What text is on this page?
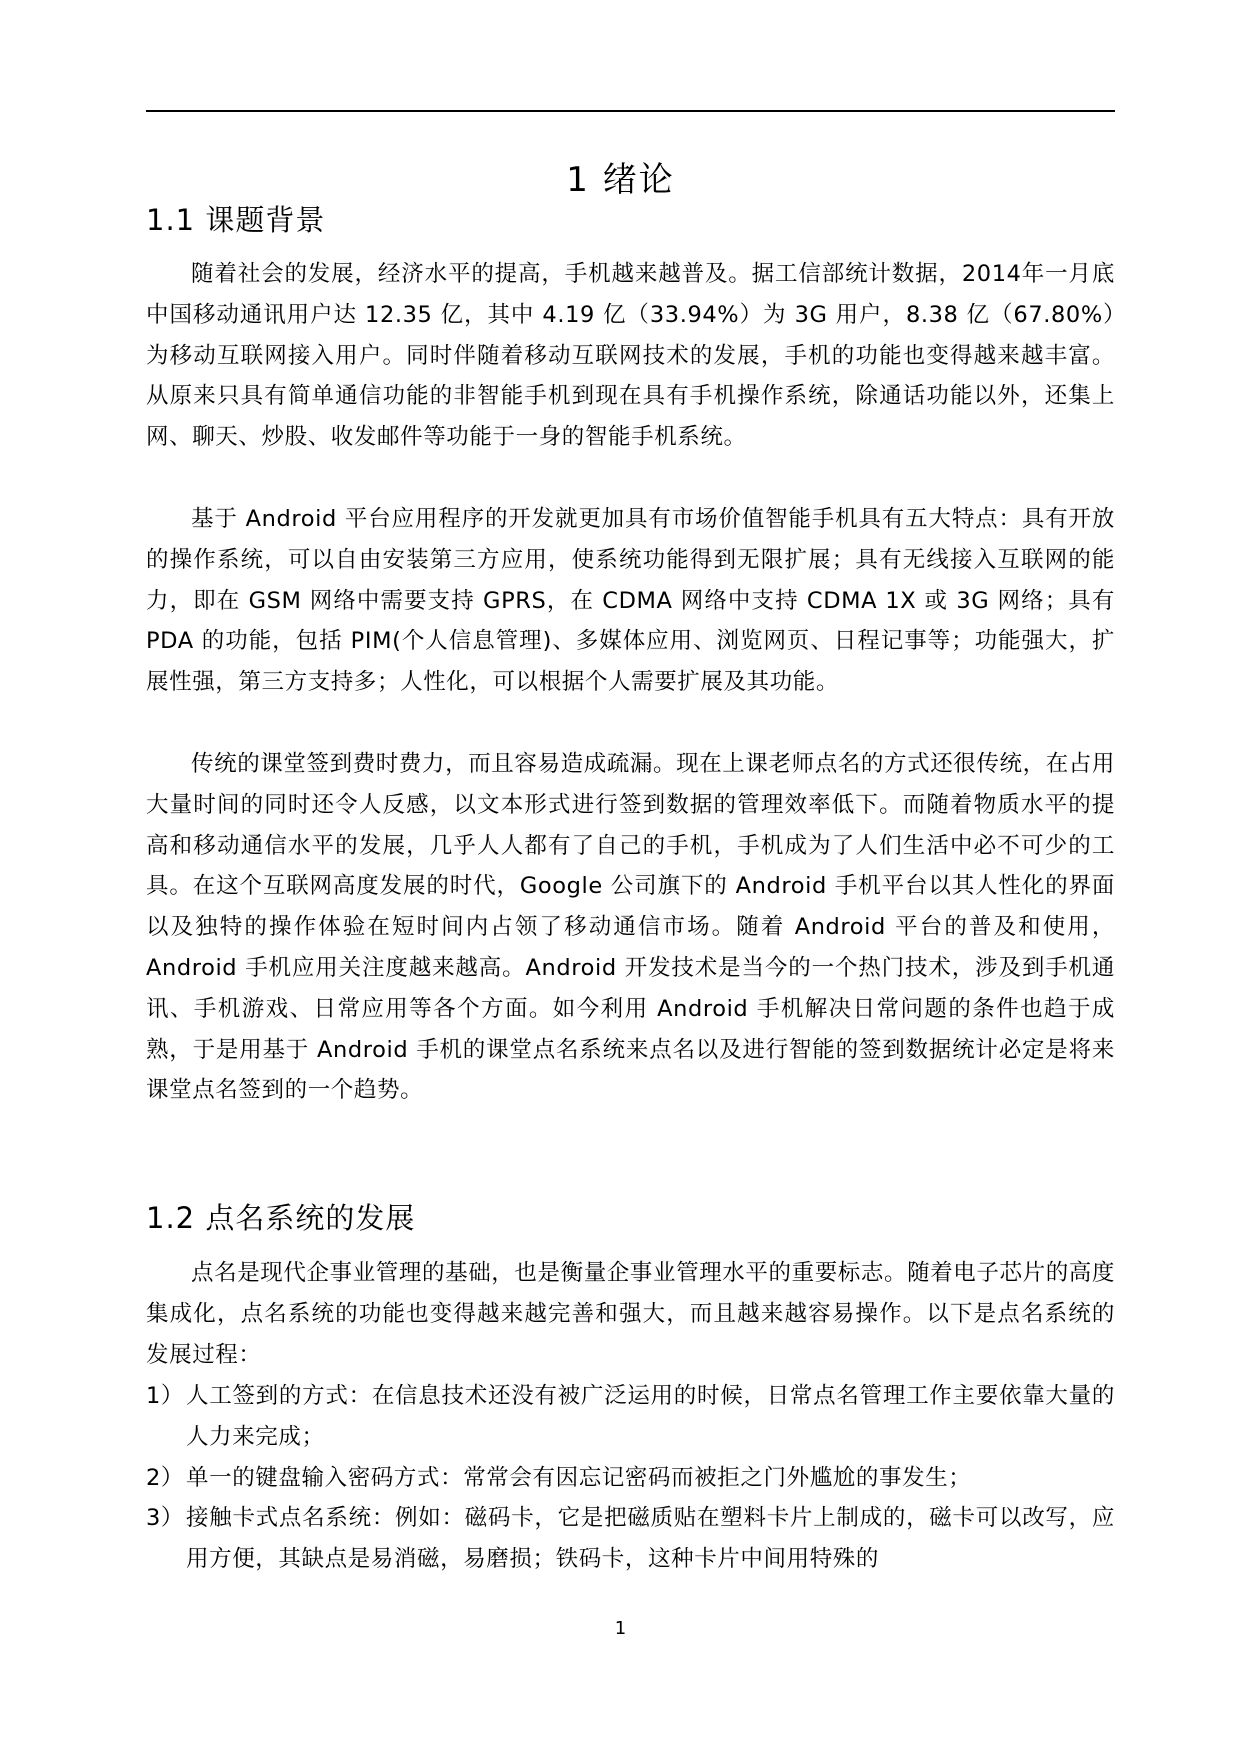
1 绪论
1.1 课题背景

随着社会的发展，经济水平的提高，手机越来越普及。据工信部统计数据，2014年一月底中国移动通讯用户达 12.35 亿，其中 4.19 亿（33.94%）为 3G 用户，8.38 亿（67.80%）为移动互联网接入用户。同时伴随着移动互联网技术的发展，手机的功能也变得越来越丰富。从原来只具有简单通信功能的非智能手机到现在具有手机操作系统，除通话功能以外，还集上网、聊天、炒股、收发邮件等功能于一身的智能手机系统。

基于 Android 平台应用程序的开发就更加具有市场价值智能手机具有五大特点：具有开放的操作系统，可以自由安装第三方应用，使系统功能得到无限扩展；具有无线接入互联网的能力，即在 GSM 网络中需要支持 GPRS，在 CDMA 网络中支持 CDMA 1X 或 3G 网络；具有 PDA 的功能，包括 PIM(个人信息管理)、多媒体应用、浏览网页、日程记事等；功能强大，扩展性强，第三方支持多；人性化，可以根据个人需要扩展及其功能。

传统的课堂签到费时费力，而且容易造成疏漏。现在上课老师点名的方式还很传统，在占用大量时间的同时还令人反感，以文本形式进行签到数据的管理效率低下。而随着物质水平的提高和移动通信水平的发展，几乎人人都有了自己的手机，手机成为了人们生活中必不可少的工具。在这个互联网高度发展的时代，Google 公司旗下的 Android 手机平台以其人性化的界面以及独特的操作体验在短时间内占领了移动通信市场。随着 Android 平台的普及和使用，Android 手机应用关注度越来越高。Android 开发技术是当今的一个热门技术，涉及到手机通讯、手机游戏、日常应用等各个方面。如今利用 Android 手机解决日常问题的条件也趋于成熟，于是用基于 Android 手机的课堂点名系统来点名以及进行智能的签到数据统计必定是将来课堂点名签到的一个趋势。

1.2 点名系统的发展

点名是现代企事业管理的基础，也是衡量企事业管理水平的重要标志。随着电子芯片的高度集成化，点名系统的功能也变得越来越完善和强大，而且越来越容易操作。以下是点名系统的发展过程：

1） 人工签到的方式：在信息技术还没有被广泛运用的时候，日常点名管理工作主要依靠大量的人力来完成；
2） 单一的键盘输入密码方式：常常会有因忘记密码而被拒之门外尴尬的事发生；
3） 接触卡式点名系统：例如：磁码卡，它是把磁质贴在塑料卡片上制成的，磁卡可以改写，应用方便，其缺点是易消磁，易磨损；铁码卡，这种卡片中间用特殊的
1
